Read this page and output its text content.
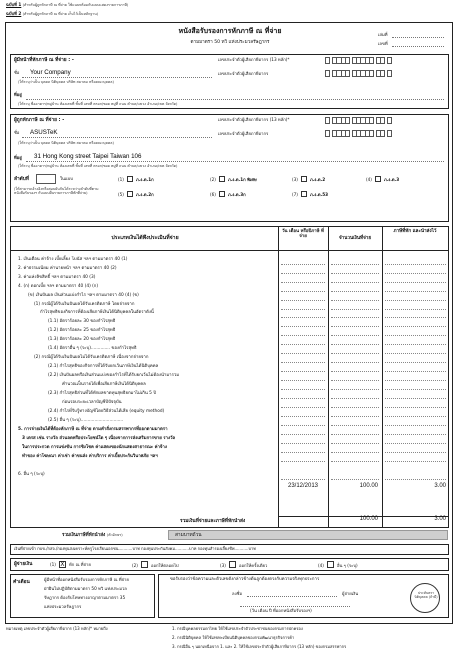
ฉบับที่ 1 (สำหรับผู้ถูกหักภาษี ณ ที่จ่าย ใช้แนบพร้อมกับแบบแสดงรายการภาษี)
ฉบับที่ 2 (สำหรับผู้ถูกหักภาษี ณ ที่จ่าย เก็บไว้เป็นหลักฐาน)
หนังสือรับรองการหักภาษี ณ ที่จ่าย
ตามมาตรา 50 ทวิ แห่งประมวลรัษฎากร
เล่มที่
เลขที่
ผู้มีหน้าที่หักภาษี ณ ที่จ่าย : -	เลขประจำตัวผู้เสียภาษีอากร (13 หลัก)*
ชื่อ Your Company	เลขประจำตัวผู้เสียภาษีอากร
(ให้ระบุว่าเป็น บุคคล นิติบุคคล บริษัท สมาคม หรือคณะบุคคล)
ที่อยู่
(ให้ระบุ ชื่ออาคาร/หมู่บ้าน ห้องเลขที่ ชั้นที่ เลขที่ ตรอก/ซอย หมู่ที่ ถนน ตำบล/แขวง อำเภอ/เขต จังหวัด)
ผู้ถูกหักภาษี ณ ที่จ่าย : -	เลขประจำตัวผู้เสียภาษีอากร (13 หลัก)*
ชื่อ ASUSTeK	เลขประจำตัวผู้เสียภาษีอากร
(ให้ระบุว่าเป็น บุคคล นิติบุคคล บริษัท สมาคม หรือคณะบุคคล)
ที่อยู่ 31 Hong Kong street Taipei Taiwan 106
(ให้ระบุ ชื่ออาคาร/หมู่บ้าน ห้องเลขที่ ชั้นที่ เลขที่ ตรอก/ซอย หมู่ที่ ถนน ตำบล/แขวง อำเภอ/เขต จังหวัด)
ลำดับที่	ในแบบ
(ให้สามารถอ้างอิงหรือสอบยันกันได้ระหว่างลำดับที่ตาม หนังสือรับรองฯ กับแบบยื่นรายการภาษีหักที่จ่าย)
(1)	ภ.ง.ด.1ก	(2)	ภ.ง.ด.1ก พิเศษ	(3)	ภ.ง.ด.2	(4)	ภ.ง.ด.3
(5)	ภ.ง.ด.2ก	(6)	ภ.ง.ด.3ก	(7)	ภ.ง.ด.53
ประเภทเงินได้พึงประเมินที่จ่าย
วัน เดือน หรือปีภาษี ที่จ่าย	จำนวนเงินที่จ่าย
ภาษีที่หัก และนำส่งไว้
1. เงินเดือน ค่าจ้าง เบี้ยเลี้ยง โบนัส ฯลฯ ตามมาตรา 40 (1)
2. ค่าธรรมเนียม ค่านายหน้า ฯลฯ ตามมาตรา 40 (2)
3. ค่าแห่งลิขสิทธิ์ ฯลฯ ตามมาตรา 40 (3)
4. (ก) ดอกเบี้ย ฯลฯ ตามมาตรา 40 (4) (ก)
(ข) เงินปันผล เงินส่วนแบ่งกำไร ฯลฯ ตามมาตรา 40 (4) (ข)
(1) กรณีผู้ได้รับเงินปันผลได้รับเครดิตภาษี โดยจ่ายจาก
กำไรสุทธิของกิจการที่ต้องเสียภาษีเงินได้นิติบุคคลในอัตราดังนี้
(1.1) อัตราร้อยละ 30 ของกำไรสุทธิ
(1.2) อัตราร้อยละ 25 ของกำไรสุทธิ
(1.3) อัตราร้อยละ 20 ของกำไรสุทธิ
(1.4) อัตราอื่น ๆ (ระบุ).............. ของกำไรสุทธิ
(2) กรณีผู้ได้รับเงินปันผลไม่ได้รับเครดิตภาษี เนื่องจากจ่ายจาก
(2.1) กำไรสุทธิของกิจการที่ได้รับยกเว้นภาษีเงินได้นิติบุคคล
(2.2) เงินปันผลหรือเงินส่วนแบ่งของกำไรที่ได้รับยกเว้นไม่ต้องนำมารวม
คำนวณเป็นรายได้เพื่อเสียภาษีเงินได้นิติบุคคล
(2.3) กำไรสุทธิส่วนที่ได้หักผลขาดทุนสุทธิยกมาไม่เกิน 5 ปี
ก่อนรอบระยะเวลาบัญชีปีปัจจุบัน
(2.4) กำไรที่รับรู้ทางบัญชีโดยวิธีส่วนได้เสีย (equity method)
(2.5) อื่น ๆ (ระบุ)...............................
5. การจ่ายเงินได้ที่ต้องหักภาษี ณ ที่จ่าย ตามคำสั่งกรมสรรพากรที่ออกตามมาตรา
3 เตรส เช่น รางวัล ส่วนลดหรือประโยชน์ใด ๆ เนื่องจากการส่งเสริมการขาย รางวัล
ในการประกวด การแข่งขัน การชิงโชค ค่าแสดงของนักแสดงสาธารณะ ค่าจ้าง
ทำของ ค่าโฆษณา ค่าเช่า ค่าขนส่ง ค่าบริการ ค่าเบี้ยประกันวินาศภัย ฯลฯ
6. อื่น ๆ (ระบุ)
23/12/2013	100.00	3.00
รวมเงินที่จ่ายและภาษีที่หักนำส่ง	100.00	3.00
รวมเงินภาษีที่หักนำส่ง (ตัวอักษร)	สามบาทถ้วน
เงินที่จ่ายเข้า กบข./กสจ./กองทุนสงเคราะห์ครูโรงเรียนเอกชน...........บาท กองทุนประกันสังคม...........บาท กองทุนสำรองเลี้ยงชีพ...........บาท
ผู้จ่ายเงิน	(1) X หัก ณ ที่จ่าย	(2)	ออกให้ตลอดไป	(3)	ออกให้ครั้งเดียว	(4)	อื่น ๆ (ระบุ)
คำเตือน
ผู้มีหน้าที่ออกหนังสือรับรองการหักภาษี ณ ที่จ่าย
ฝ่าฝืนไม่ปฏิบัติตามมาตรา 50 ทวิ แห่งประมวล
รัษฎากร ต้องรับโทษทางอาญาตามมาตรา 35
แห่งประมวลรัษฎากร
ขอรับรองว่าข้อความและตัวเลขดังกล่าวข้างต้นถูกต้องตรงกับความจริงทุกประการ
ลงชื่อ	ผู้จ่ายเงิน
(วัน เดือน ปี ที่ออกหนังสือรับรองฯ)
ประทับตรา นิติบุคคล (ถ้ามี)
หมายเหตุ เลขประจำตัวผู้เสียภาษีอากร (13 หลัก)* หมายถึง	1. กรณีบุคคลธรรมดาไทย ให้ใช้เลขประจำตัวประชาชนของกรมการปกครอง
2. กรณีนิติบุคคล ให้ใช้เลขทะเบียนนิติบุคคลของกรมพัฒนาธุรกิจการค้า
3. กรณีอื่น ๆ นอกเหนือจาก 1. และ 2. ให้ใช้เลขประจำตัวผู้เสียภาษีอากร (13 หลัก) ของกรมสรรพากร
